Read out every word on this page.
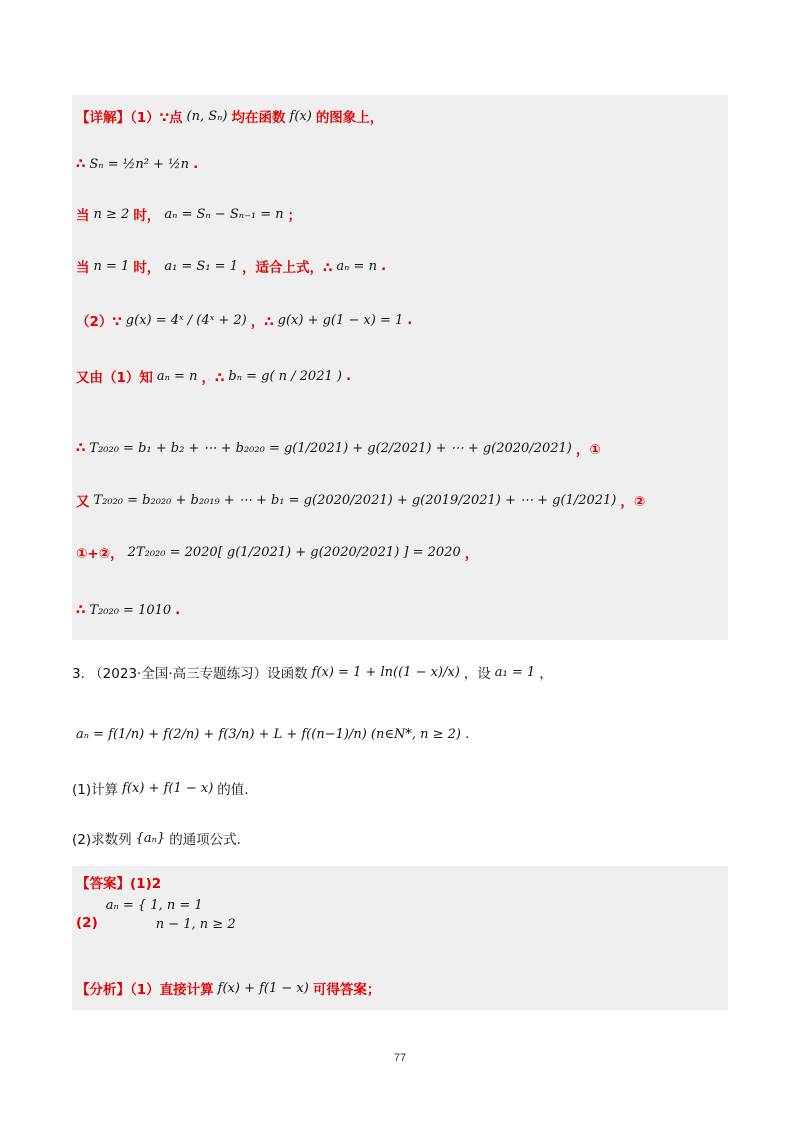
【详解】（1）∵点 (n, Sₙ) 均在函数 f(x) 的图象上，
∴ Sₙ = ½n² + ½n .
当 n ≥ 2 时， aₙ = Sₙ − Sₙ₋₁ = n ；
当 n = 1 时， a₁ = S₁ = 1 ，适合上式，∴ aₙ = n .
（2）∵ g(x) = 4ˣ / (4ˣ + 2) ，∴ g(x) + g(1 − x) = 1 .
又由（1）知 aₙ = n ，∴ bₙ = g( n / 2021 ) .
∴ T₂₀₂₀ = b₁ + b₂ + ⋯ + b₂₀₂₀ = g(1/2021) + g(2/2021) + ⋯ + g(2020/2021) ，①
又 T₂₀₂₀ = b₂₀₂₀ + b₂₀₁₉ + ⋯ + b₁ = g(2020/2021) + g(2019/2021) + ⋯ + g(1/2021) ，②
①+②， 2T₂₀₂₀ = 2020[ g(1/2021) + g(2020/2021) ] = 2020 ，
∴ T₂₀₂₀ = 1010 .
3. （2023·全国·高三专题练习）设函数 f(x) = 1 + ln((1 − x)/x) ，设 a₁ = 1 ，
aₙ = f(1/n) + f(2/n) + f(3/n) + L + f((n−1)/n) (n∈N*, n ≥ 2) .
(1)计算 f(x) + f(1 − x) 的值.
(2)求数列 {aₙ} 的通项公式.
【答案】(1)2
(2)
aₙ = { 1, n = 1
n − 1, n ≥ 2
【分析】（1）直接计算 f(x) + f(1 − x) 可得答案；
77
